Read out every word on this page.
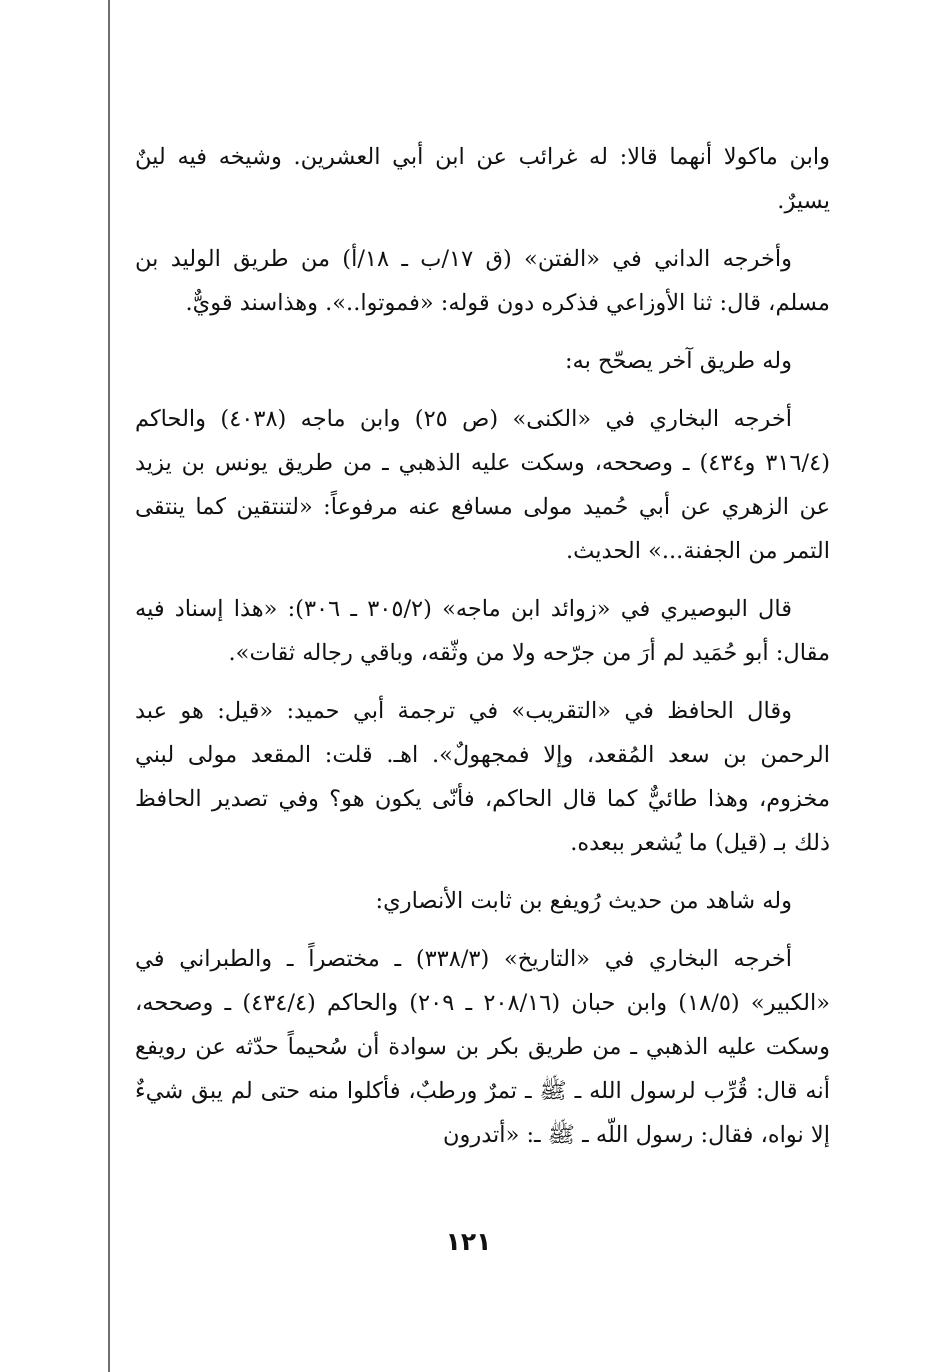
وابن ماكولا أنهما قالا: له غرائب عن ابن أبي العشرين. وشيخه فيه لينٌ يسيرٌ.

وأخرجه الداني في «الفتن» (ق ١٧/ب ـ ١٨/أ) من طريق الوليد بن مسلم، قال: ثنا الأوزاعي فذكره دون قوله: «فموتوا..». وهذاسند قويٌّ.

وله طريق آخر يصحّح به:

أخرجه البخاري في «الكنى» (ص ٢٥) وابن ماجه (٤٠٣٨) والحاكم (٣١٦/٤ و٤٣٤) ـ وصححه، وسكت عليه الذهبي ـ من طريق يونس بن يزيد عن الزهري عن أبي حُميد مولى مسافع عنه مرفوعاً: «لتنتقين كما ينتقى التمر من الجفنة...» الحديث.

قال البوصيري في «زوائد ابن ماجه» (٣٠٥/٢ ـ ٣٠٦): «هذا إسناد فيه مقال: أبو حُمَيد لم أرَ من جرّحه ولا من وثّقه، وباقي رجاله ثقات».

وقال الحافظ في «التقريب» في ترجمة أبي حميد: «قيل: هو عبد الرحمن بن سعد المُقعد، وإلا فمجهولٌ». اهـ. قلت: المقعد مولى لبني مخزوم، وهذا طائيٌّ كما قال الحاكم، فأنّى يكون هو؟ وفي تصدير الحافظ ذلك بـ (قيل) ما يُشعر ببعده.

وله شاهد من حديث رُويفع بن ثابت الأنصاري:

أخرجه البخاري في «التاريخ» (٣٣٨/٣) ـ مختصراً ـ والطبراني في «الكبير» (١٨/٥) وابن حبان (٢٠٨/١٦ ـ ٢٠٩) والحاكم (٤٣٤/٤) ـ وصححه، وسكت عليه الذهبي ـ من طريق بكر بن سوادة أن سُحيماً حدّثه عن رويفع أنه قال: قُرِّب لرسول الله ـ ﷺ ـ تمرٌ ورطبٌ، فأكلوا منه حتى لم يبق شيءٌ إلا نواه، فقال: رسول اللّه ـ ﷺ ـ: «أتدرون

١٢١
